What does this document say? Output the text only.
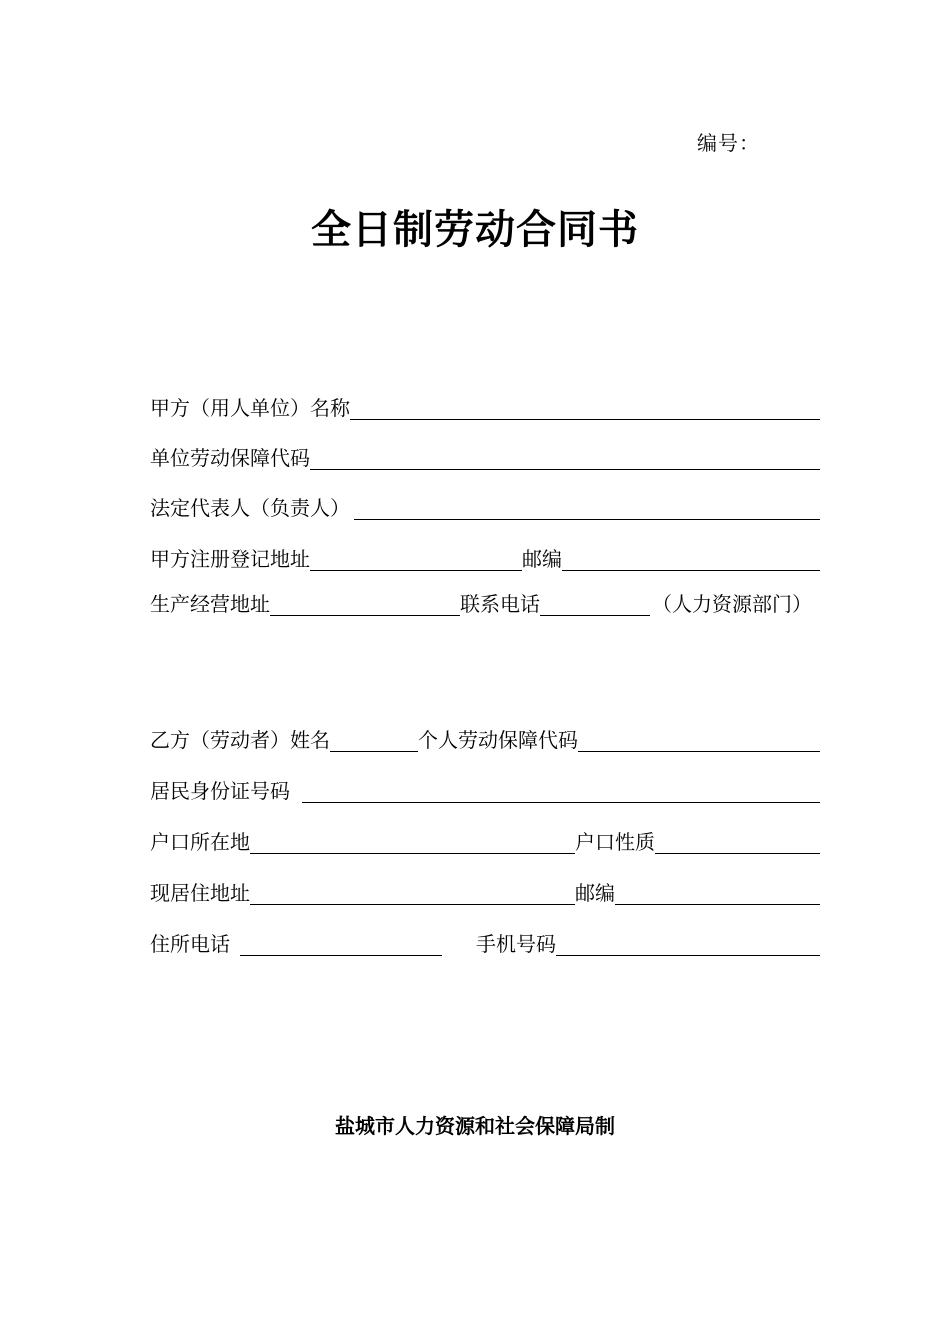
编号：
全日制劳动合同书
甲方（用人单位）名称
单位劳动保障代码
法定代表人（负责人）
甲方注册登记地址	邮编
生产经营地址	联系电话	（人力资源部门）
乙方（劳动者）姓名	个人劳动保障代码
居民身份证号码
户口所在地	户口性质
现居住地址	邮编
住所电话	手机号码
盐城市人力资源和社会保障局制
